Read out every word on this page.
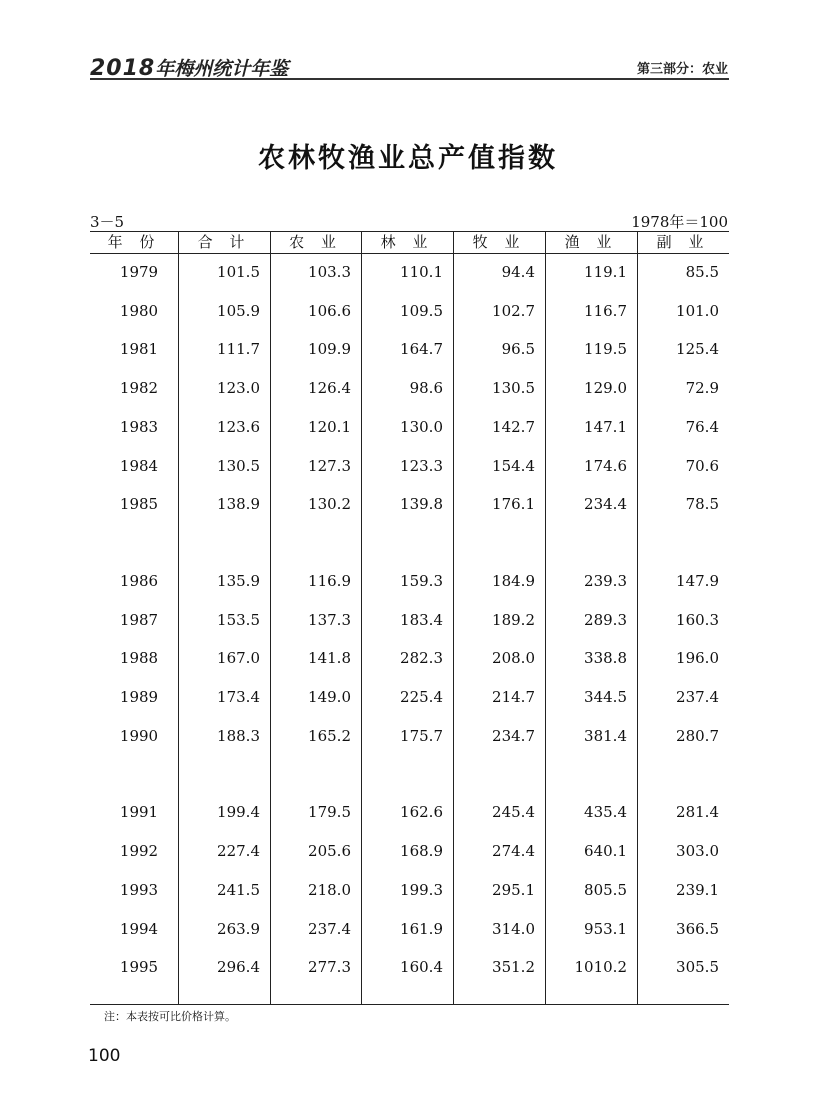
2018年梅州统计年鉴	第三部分：农业
农林牧渔业总产值指数
3－5	1978年＝100
年 份	合 计	农 业	林 业	牧 业	渔 业	副 业
1979	101.5	103.3	110.1	94.4	119.1	85.5
1980	105.9	106.6	109.5	102.7	116.7	101.0
1981	111.7	109.9	164.7	96.5	119.5	125.4
1982	123.0	126.4	98.6	130.5	129.0	72.9
1983	123.6	120.1	130.0	142.7	147.1	76.4
1984	130.5	127.3	123.3	154.4	174.6	70.6
1985	138.9	130.2	139.8	176.1	234.4	78.5
1986	135.9	116.9	159.3	184.9	239.3	147.9
1987	153.5	137.3	183.4	189.2	289.3	160.3
1988	167.0	141.8	282.3	208.0	338.8	196.0
1989	173.4	149.0	225.4	214.7	344.5	237.4
1990	188.3	165.2	175.7	234.7	381.4	280.7
1991	199.4	179.5	162.6	245.4	435.4	281.4
1992	227.4	205.6	168.9	274.4	640.1	303.0
1993	241.5	218.0	199.3	295.1	805.5	239.1
1994	263.9	237.4	161.9	314.0	953.1	366.5
1995	296.4	277.3	160.4	351.2	1010.2	305.5
注：本表按可比价格计算。
100
